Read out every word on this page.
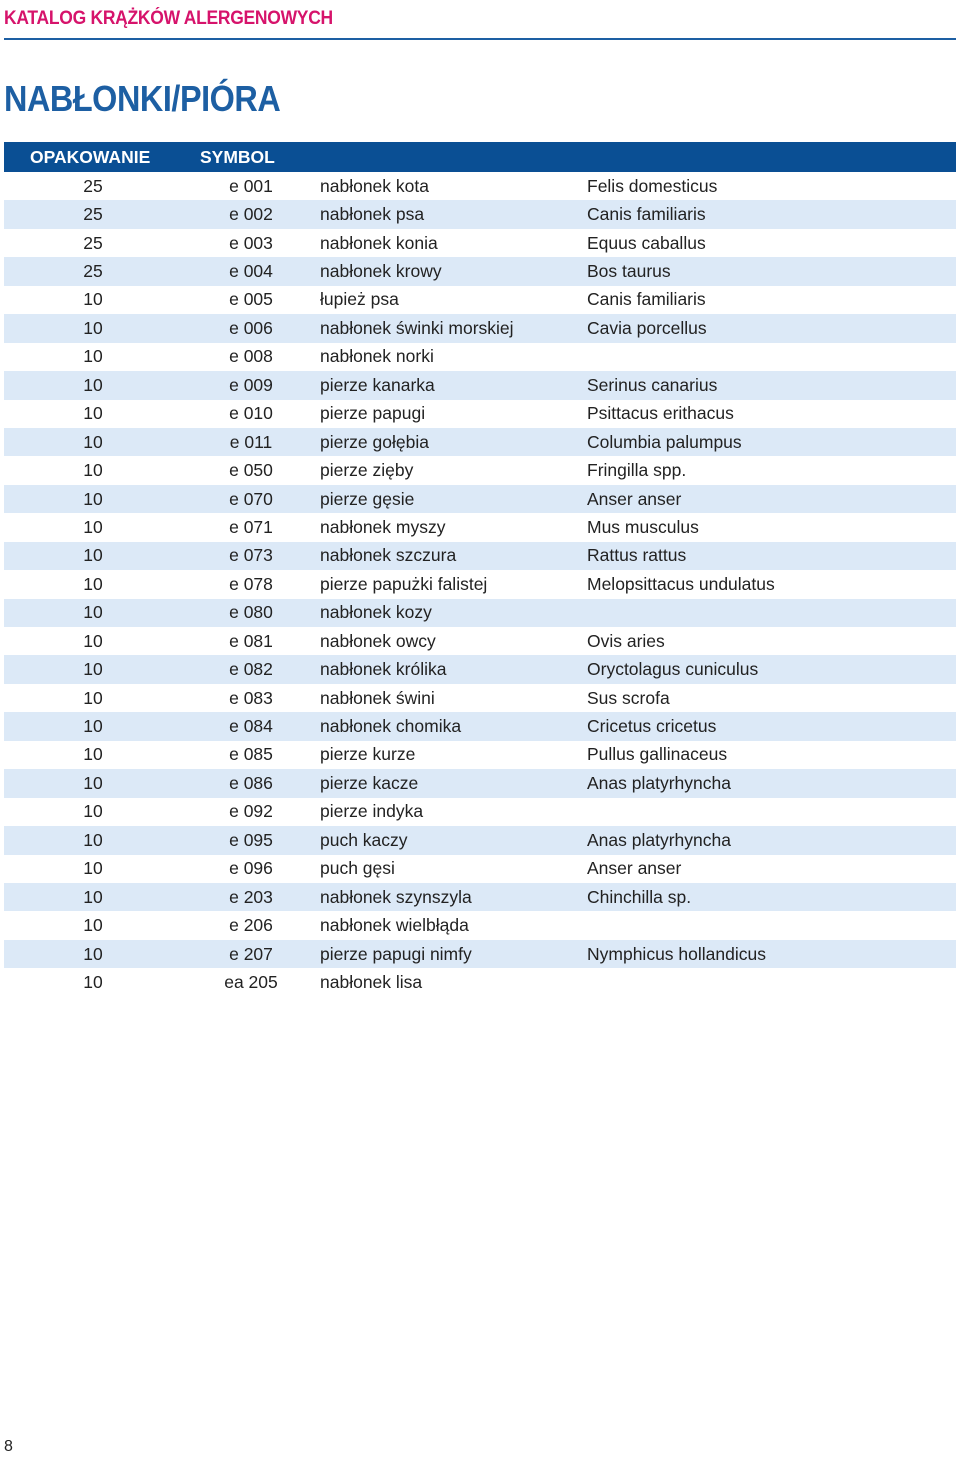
KATALOG KRĄŻKÓW ALERGENOWYCH
NABŁONKI/PIÓRA
OPAKOWANIE	SYMBOL		
25	e 001	nabłonek kota	Felis domesticus
25	e 002	nabłonek psa	Canis familiaris
25	e 003	nabłonek konia	Equus caballus
25	e 004	nabłonek krowy	Bos taurus
10	e 005	łupież psa	Canis familiaris
10	e 006	nabłonek świnki morskiej	Cavia porcellus
10	e 008	nabłonek norki	
10	e 009	pierze kanarka	Serinus canarius
10	e 010	pierze papugi	Psittacus erithacus
10	e 011	pierze gołębia	Columbia palumpus
10	e 050	pierze zięby	Fringilla spp.
10	e 070	pierze gęsie	Anser anser
10	e 071	nabłonek myszy	Mus musculus
10	e 073	nabłonek szczura	Rattus rattus
10	e 078	pierze papużki falistej	Melopsittacus undulatus
10	e 080	nabłonek kozy	
10	e 081	nabłonek owcy	Ovis aries
10	e 082	nabłonek królika	Oryctolagus cuniculus
10	e 083	nabłonek świni	Sus scrofa
10	e 084	nabłonek chomika	Cricetus cricetus
10	e 085	pierze kurze	Pullus gallinaceus
10	e 086	pierze kacze	Anas platyrhyncha
10	e 092	pierze indyka	
10	e 095	puch kaczy	Anas platyrhyncha
10	e 096	puch gęsi	Anser anser
10	e 203	nabłonek szynszyla	Chinchilla sp.
10	e 206	nabłonek wielbłąda	
10	e 207	pierze papugi nimfy	Nymphicus hollandicus
10	ea 205	nabłonek lisa	
8
